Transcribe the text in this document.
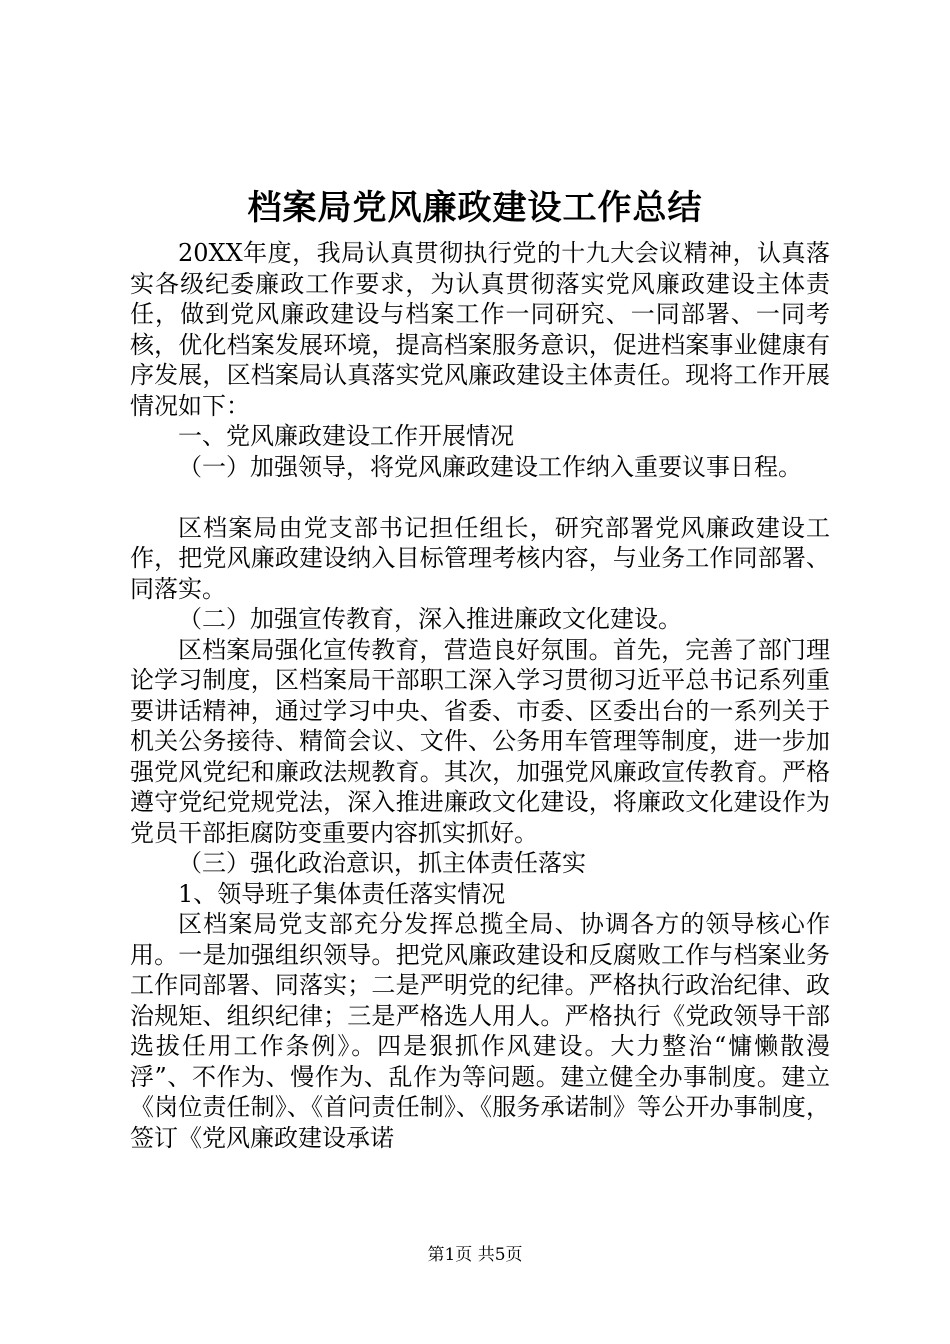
档案局党风廉政建设工作总结

20XX年度，我局认真贯彻执行党的十九大会议精神，认真落实各级纪委廉政工作要求，为认真贯彻落实党风廉政建设主体责任，做到党风廉政建设与档案工作一同研究、一同部署、一同考核，优化档案发展环境，提高档案服务意识，促进档案事业健康有序发展，区档案局认真落实党风廉政建设主体责任。现将工作开展情况如下：

一、党风廉政建设工作开展情况

（一）加强领导，将党风廉政建设工作纳入重要议事日程。

区档案局由党支部书记担任组长，研究部署党风廉政建设工作，把党风廉政建设纳入目标管理考核内容，与业务工作同部署、同落实。

（二）加强宣传教育，深入推进廉政文化建设。

区档案局强化宣传教育，营造良好氛围。首先，完善了部门理论学习制度，区档案局干部职工深入学习贯彻习近平总书记系列重要讲话精神，通过学习中央、省委、市委、区委出台的一系列关于机关公务接待、精简会议、文件、公务用车管理等制度，进一步加强党风党纪和廉政法规教育。其次，加强党风廉政宣传教育。严格遵守党纪党规党法，深入推进廉政文化建设，将廉政文化建设作为党员干部拒腐防变重要内容抓实抓好。

（三）强化政治意识，抓主体责任落实

1、领导班子集体责任落实情况

区档案局党支部充分发挥总揽全局、协调各方的领导核心作用。一是加强组织领导。把党风廉政建设和反腐败工作与档案业务工作同部署、同落实；二是严明党的纪律。严格执行政治纪律、政治规矩、组织纪律；三是严格选人用人。严格执行《党政领导干部选拔任用工作条例》。四是狠抓作风建设。大力整治“慵懒散漫浮”、不作为、慢作为、乱作为等问题。建立健全办事制度。建立《岗位责任制》、《首问责任制》、《服务承诺制》等公开办事制度，签订《党风廉政建设承诺

第1页 共5页
